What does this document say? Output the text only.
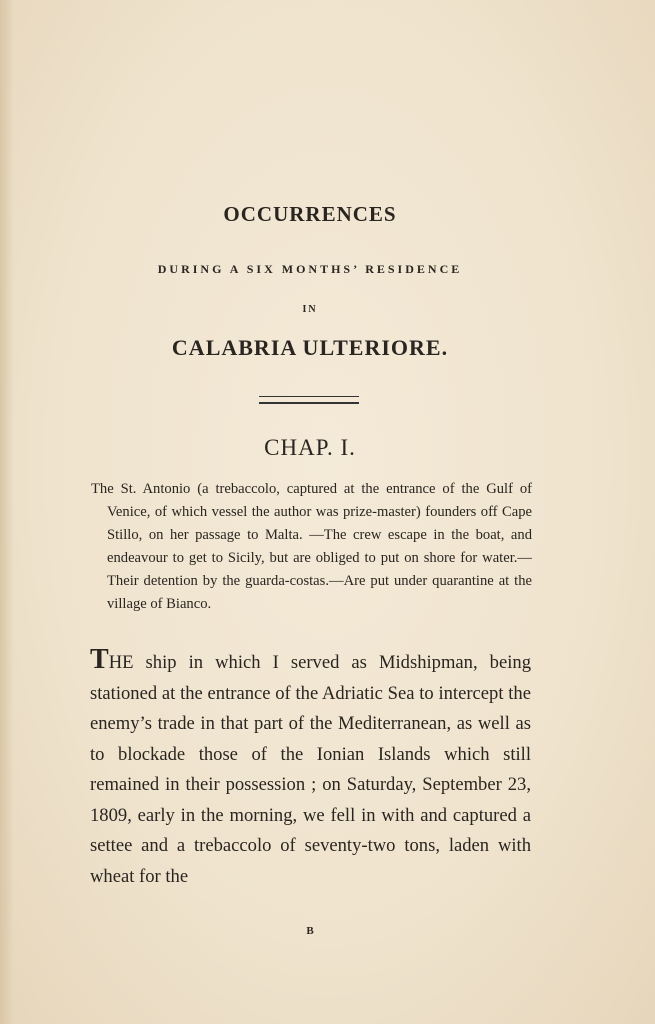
OCCURRENCES
DURING A SIX MONTHS’ RESIDENCE
IN
CALABRIA ULTERIORE.
CHAP. I.

The St. Antonio (a trebaccolo, captured at the entrance of the Gulf of Venice, of which vessel the author was prize-master) founders off Cape Stillo, on her passage to Malta. —The crew escape in the boat, and endeavour to get to Sicily, but are obliged to put on shore for water.—Their detention by the guarda-costas.—Are put under quarantine at the village of Bianco.

THE ship in which I served as Midshipman, being stationed at the entrance of the Adriatic Sea to intercept the enemy’s trade in that part of the Mediterranean, as well as to blockade those of the Ionian Islands which still remained in their possession ; on Saturday, September 23, 1809, early in the morning, we fell in with and captured a settee and a trebaccolo of seventy-two tons, laden with wheat for the

B
